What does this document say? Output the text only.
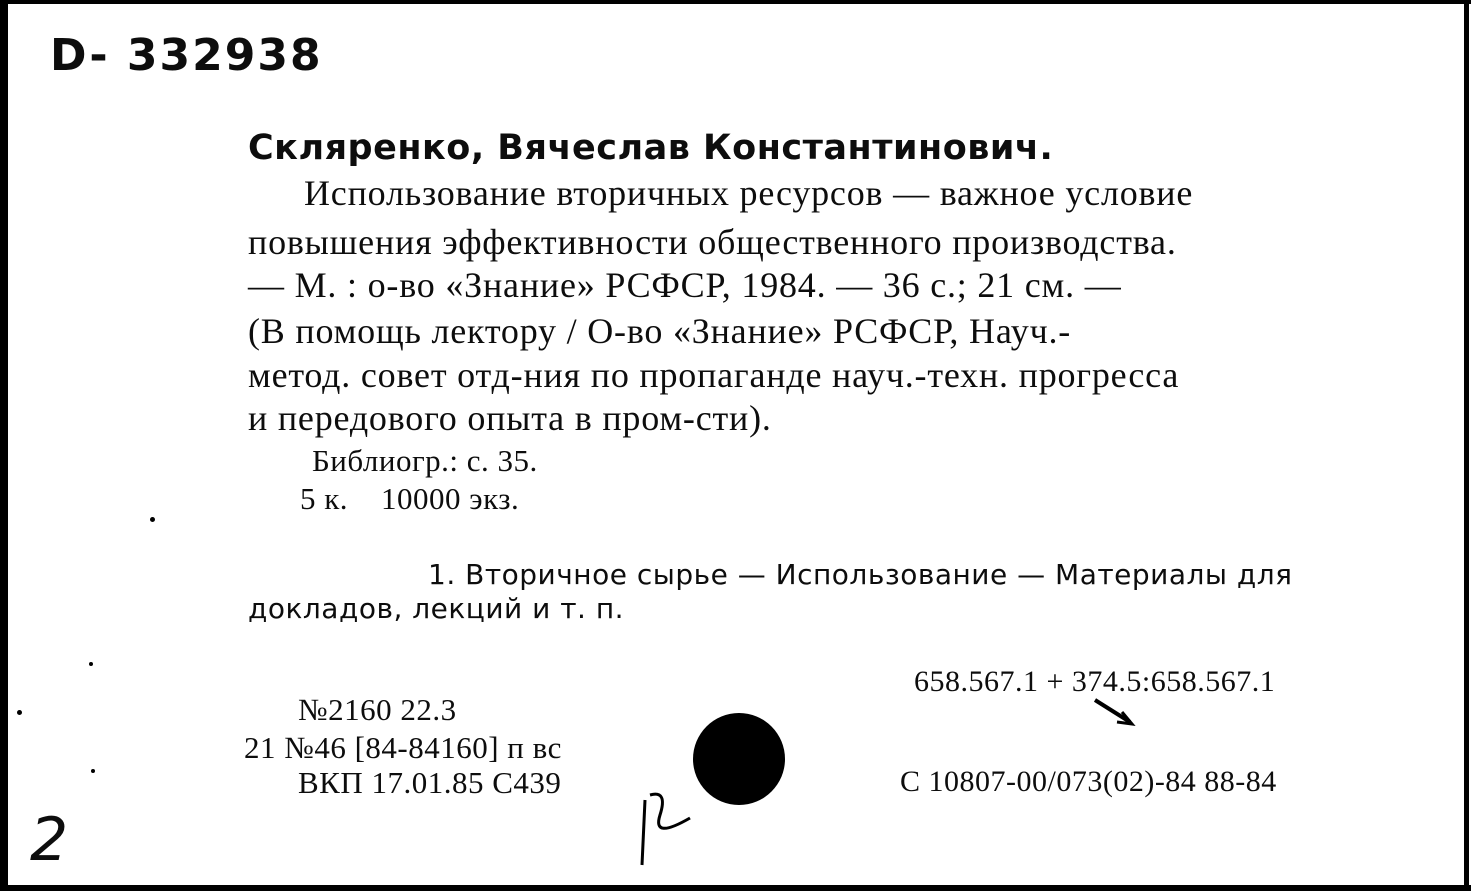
D- 332938
Скляренко, Вячеслав Константинович.
Использование вторичных ресурсов — важное условие
повышения эффективности общественного производства.
— М. : о-во «Знание» РСФСР, 1984. — 36 с.; 21 см. —
(В помощь лектору / О-во «Знание» РСФСР, Науч.-
метод. совет отд-ния по пропаганде науч.-техн. прогресса
и передового опыта в пром-сти).
Библиогр.: с. 35.
5 к.    10000 экз.
1. Вторичное сырье — Использование — Материалы для
докладов, лекций и т. п.
658.567.1 + 374.5:658.567.1
№2160 22.3
21 №46 [84-84160] п вс
ВКП 17.01.85 С439	С 10807-00/073(02)-84 88-84
2
